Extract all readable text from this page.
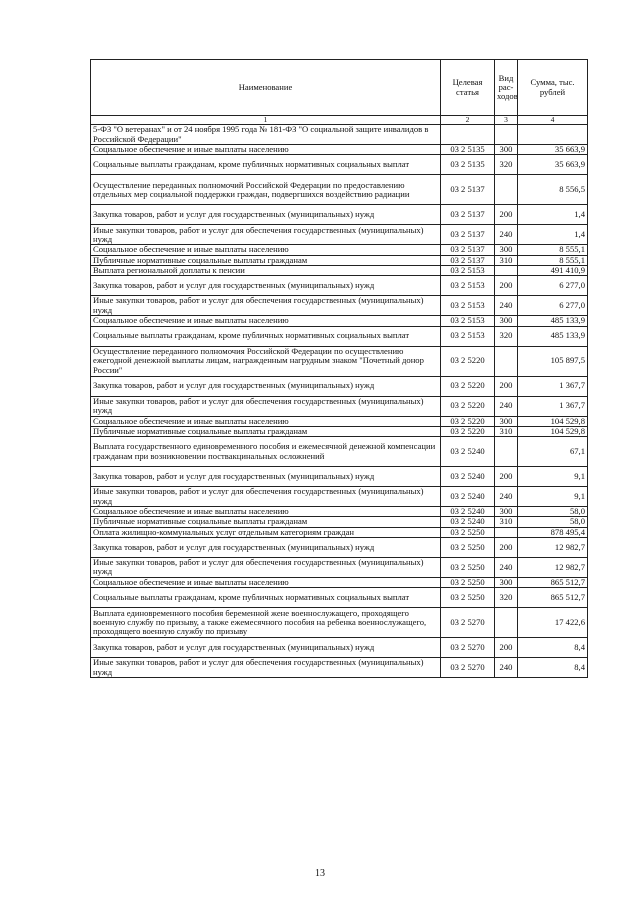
Наименование	Целевая статья	Вид рас-ходов	Сумма, тыс. рублей
1	2	3	4
5-ФЗ "О ветеранах" и от 24 ноября 1995 года № 181-ФЗ "О социальной защите инвалидов в Российской Федерации"			
Социальное обеспечение и иные выплаты населению	03 2 5135	300	35 663,9
Социальные выплаты гражданам, кроме публичных нормативных социальных выплат	03 2 5135	320	35 663,9
Осуществление переданных полномочий Российской Федерации по предоставлению отдельных мер социальной поддержки граждан, подвергшихся воздействию радиации	03 2 5137		8 556,5
Закупка товаров, работ и услуг для государственных (муниципальных) нужд	03 2 5137	200	1,4
Иные закупки товаров, работ и услуг для обеспечения государственных (муниципальных) нужд	03 2 5137	240	1,4
Социальное обеспечение и иные выплаты населению	03 2 5137	300	8 555,1
Публичные нормативные социальные выплаты гражданам	03 2 5137	310	8 555,1
Выплата региональной доплаты к пенсии	03 2 5153		491 410,9
Закупка товаров, работ и услуг для государственных (муниципальных) нужд	03 2 5153	200	6 277,0
Иные закупки товаров, работ и услуг для обеспечения государственных (муниципальных) нужд	03 2 5153	240	6 277,0
Социальное обеспечение и иные выплаты населению	03 2 5153	300	485 133,9
Социальные выплаты гражданам, кроме публичных нормативных социальных выплат	03 2 5153	320	485 133,9
Осуществление переданного полномочия Российской Федерации по осуществлению ежегодной денежной выплаты лицам, награжденным нагрудным знаком "Почетный донор России"	03 2 5220		105 897,5
Закупка товаров, работ и услуг для государственных (муниципальных) нужд	03 2 5220	200	1 367,7
Иные закупки товаров, работ и услуг для обеспечения государственных (муниципальных) нужд	03 2 5220	240	1 367,7
Социальное обеспечение и иные выплаты населению	03 2 5220	300	104 529,8
Публичные нормативные социальные выплаты гражданам	03 2 5220	310	104 529,8
Выплата государственного единовременного пособия и ежемесячной денежной компенсации гражданам при возникновении поствакцинальных осложнений	03 2 5240		67,1
Закупка товаров, работ и услуг для государственных (муниципальных) нужд	03 2 5240	200	9,1
Иные закупки товаров, работ и услуг для обеспечения государственных (муниципальных) нужд	03 2 5240	240	9,1
Социальное обеспечение и иные выплаты населению	03 2 5240	300	58,0
Публичные нормативные социальные выплаты гражданам	03 2 5240	310	58,0
Оплата жилищно-коммунальных услуг отдельным категориям граждан	03 2 5250		878 495,4
Закупка товаров, работ и услуг для государственных (муниципальных) нужд	03 2 5250	200	12 982,7
Иные закупки товаров, работ и услуг для обеспечения государственных (муниципальных) нужд	03 2 5250	240	12 982,7
Социальное обеспечение и иные выплаты населению	03 2 5250	300	865 512,7
Социальные выплаты гражданам, кроме публичных нормативных социальных выплат	03 2 5250	320	865 512,7
Выплата единовременного пособия беременной жене военнослужащего, проходящего военную службу по призыву, а также ежемесячного пособия на ребенка военнослужащего, проходящего военную службу по призыву	03 2 5270		17 422,6
Закупка товаров, работ и услуг для государственных (муниципальных) нужд	03 2 5270	200	8,4
Иные закупки товаров, работ и услуг для обеспечения государственных (муниципальных) нужд	03 2 5270	240	8,4
13
